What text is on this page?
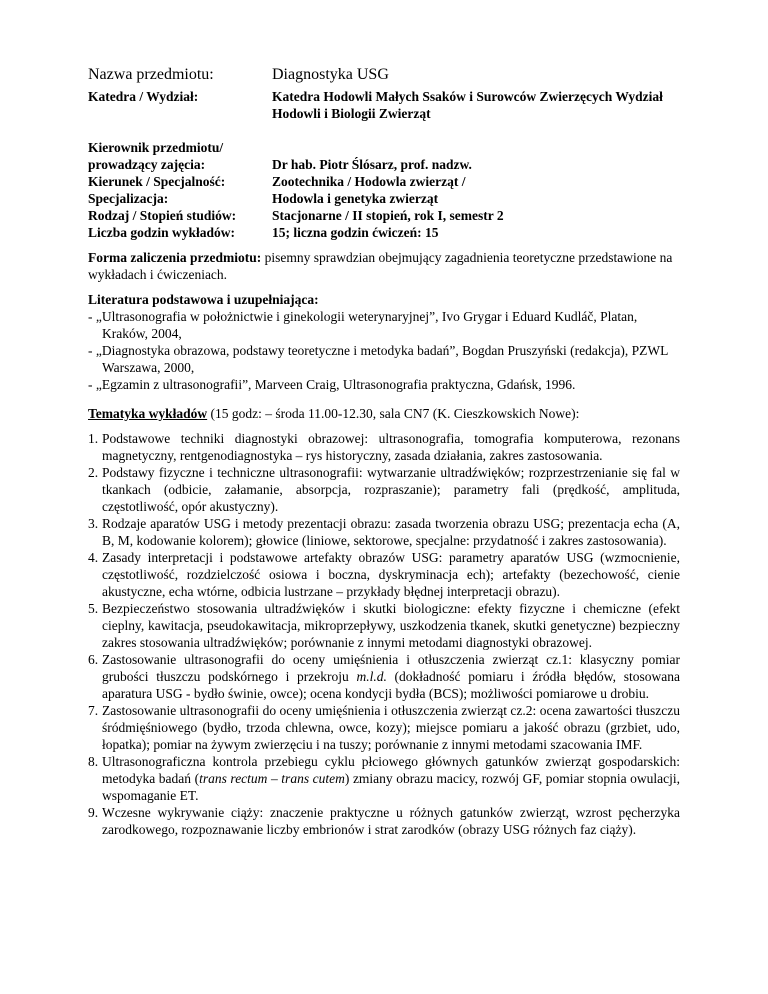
Nazwa przedmiotu:	Diagnostyka USG
Katedra / Wydział:	Katedra Hodowli Małych Ssaków i Surowców Zwierzęcych Wydział Hodowli i Biologii Zwierząt
Kierownik przedmiotu/
prowadzący zajęcia:	Dr hab. Piotr Ślósarz, prof. nadzw.
Kierunek / Specjalność:	Zootechnika / Hodowla zwierząt /
Specjalizacja:	Hodowla i genetyka zwierząt
Rodzaj / Stopień studiów:	Stacjonarne / II stopień, rok I, semestr 2
Liczba godzin wykładów:	15; liczna godzin ćwiczeń: 15
Forma zaliczenia przedmiotu: pisemny sprawdzian obejmujący zagadnienia teoretyczne przedstawione na wykładach i ćwiczeniach.
Literatura podstawowa i uzupełniająca:
- „Ultrasonografia w położnictwie i ginekologii weterynaryjnej”, Ivo Grygar i Eduard Kudláč, Platan, Kraków, 2004,
- „Diagnostyka obrazowa, podstawy teoretyczne i metodyka badań”, Bogdan Pruszyński (redakcja), PZWL Warszawa, 2000,
- „Egzamin z ultrasonografii”, Marveen Craig, Ultrasonografia praktyczna, Gdańsk, 1996.
Tematyka wykładów (15 godz: – środa 11.00-12.30, sala CN7 (K. Cieszkowskich Nowe):
1. Podstawowe techniki diagnostyki obrazowej: ultrasonografia, tomografia komputerowa, rezonans magnetyczny, rentgenodiagnostyka – rys historyczny, zasada działania, zakres zastosowania.
2. Podstawy fizyczne i techniczne ultrasonografii: wytwarzanie ultradźwięków; rozprzestrzenianie się fal w tkankach (odbicie, załamanie, absorpcja, rozpraszanie); parametry fali (prędkość, amplituda, częstotliwość, opór akustyczny).
3. Rodzaje aparatów USG i metody prezentacji obrazu: zasada tworzenia obrazu USG; prezentacja echa (A, B, M, kodowanie kolorem); głowice (liniowe, sektorowe, specjalne: przydatność i zakres zastosowania).
4. Zasady interpretacji i podstawowe artefakty obrazów USG: parametry aparatów USG (wzmocnienie, częstotliwość, rozdzielczość osiowa i boczna, dyskryminacja ech); artefakty (bezechowość, cienie akustyczne, echa wtórne, odbicia lustrzane – przykłady błędnej interpretacji obrazu).
5. Bezpieczeństwo stosowania ultradźwięków i skutki biologiczne: efekty fizyczne i chemiczne (efekt cieplny, kawitacja, pseudokawitacja, mikroprzepływy, uszkodzenia tkanek, skutki genetyczne) bezpieczny zakres stosowania ultradźwięków; porównanie z innymi metodami diagnostyki obrazowej.
6. Zastosowanie ultrasonografii do oceny umięśnienia i otłuszczenia zwierząt cz.1: klasyczny pomiar grubości tłuszczu podskórnego i przekroju m.l.d. (dokładność pomiaru i źródła błędów, stosowana aparatura USG - bydło świnie, owce); ocena kondycji bydła (BCS); możliwości pomiarowe u drobiu.
7. Zastosowanie ultrasonografii do oceny umięśnienia i otłuszczenia zwierząt cz.2: ocena zawartości tłuszczu śródmięśniowego (bydło, trzoda chlewna, owce, kozy); miejsce pomiaru a jakość obrazu (grzbiet, udo, łopatka); pomiar na żywym zwierzęciu i na tuszy; porównanie z innymi metodami szacowania IMF.
8. Ultrasonograficzna kontrola przebiegu cyklu płciowego głównych gatunków zwierząt gospodarskich: metodyka badań (trans rectum – trans cutem) zmiany obrazu macicy, rozwój GF, pomiar stopnia owulacji, wspomaganie ET.
9. Wczesne wykrywanie ciąży: znaczenie praktyczne u różnych gatunków zwierząt, wzrost pęcherzyka zarodkowego, rozpoznawanie liczby embrionów i strat zarodków (obrazy USG różnych faz ciąży).
